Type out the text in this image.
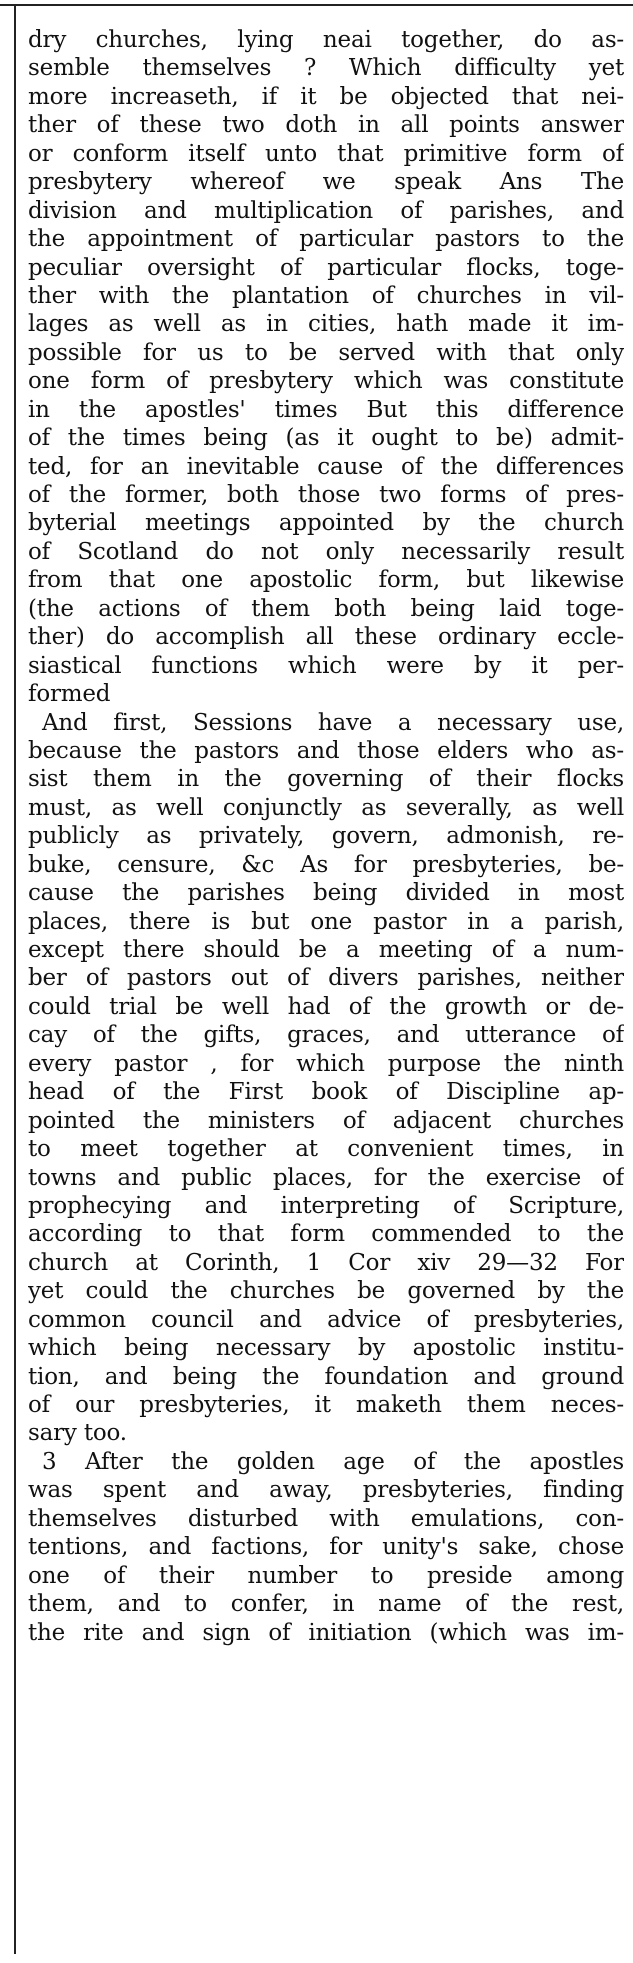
dry churches, lying neai together, do as-
semble themselves ? Which difficulty yet
more increaseth, if it be objected that nei-
ther of these two doth in all points answer
or conform itself unto that primitive form of
presbytery whereof we speak Ans The
division and multiplication of parishes, and
the appointment of particular pastors to the
peculiar oversight of particular flocks, toge-
ther with the plantation of churches in vil-
lages as well as in cities, hath made it im-
possible for us to be served with that only
one form of presbytery which was constitute
in the apostles' times But this difference
of the times being (as it ought to be) admit-
ted, for an inevitable cause of the differences
of the former, both those two forms of pres-
byterial meetings appointed by the church
of Scotland do not only necessarily result
from that one apostolic form, but likewise
(the actions of them both being laid toge-
ther) do accomplish all these ordinary eccle-
siastical functions which were by it per-
formed
And first, Sessions have a necessary use,
because the pastors and those elders who as-
sist them in the governing of their flocks
must, as well conjunctly as severally, as well
publicly as privately, govern, admonish, re-
buke, censure, &c As for presbyteries, be-
cause the parishes being divided in most
places, there is but one pastor in a parish,
except there should be a meeting of a num-
ber of pastors out of divers parishes, neither
could trial be well had of the growth or de-
cay of the gifts, graces, and utterance of
every pastor , for which purpose the ninth
head of the First book of Discipline ap-
pointed the ministers of adjacent churches
to meet together at convenient times, in
towns and public places, for the exercise of
prophecying and interpreting of Scripture,
according to that form commended to the
church at Corinth, 1 Cor xiv 29—32 For
yet could the churches be governed by the
common council and advice of presbyteries,
which being necessary by apostolic institu-
tion, and being the foundation and ground
of our presbyteries, it maketh them neces-
sary too.
3 After the golden age of the apostles
was spent and away, presbyteries, finding
themselves disturbed with emulations, con-
tentions, and factions, for unity's sake, chose
one of their number to preside among
them, and to confer, in name of the rest,
the rite and sign of initiation (which was im-
